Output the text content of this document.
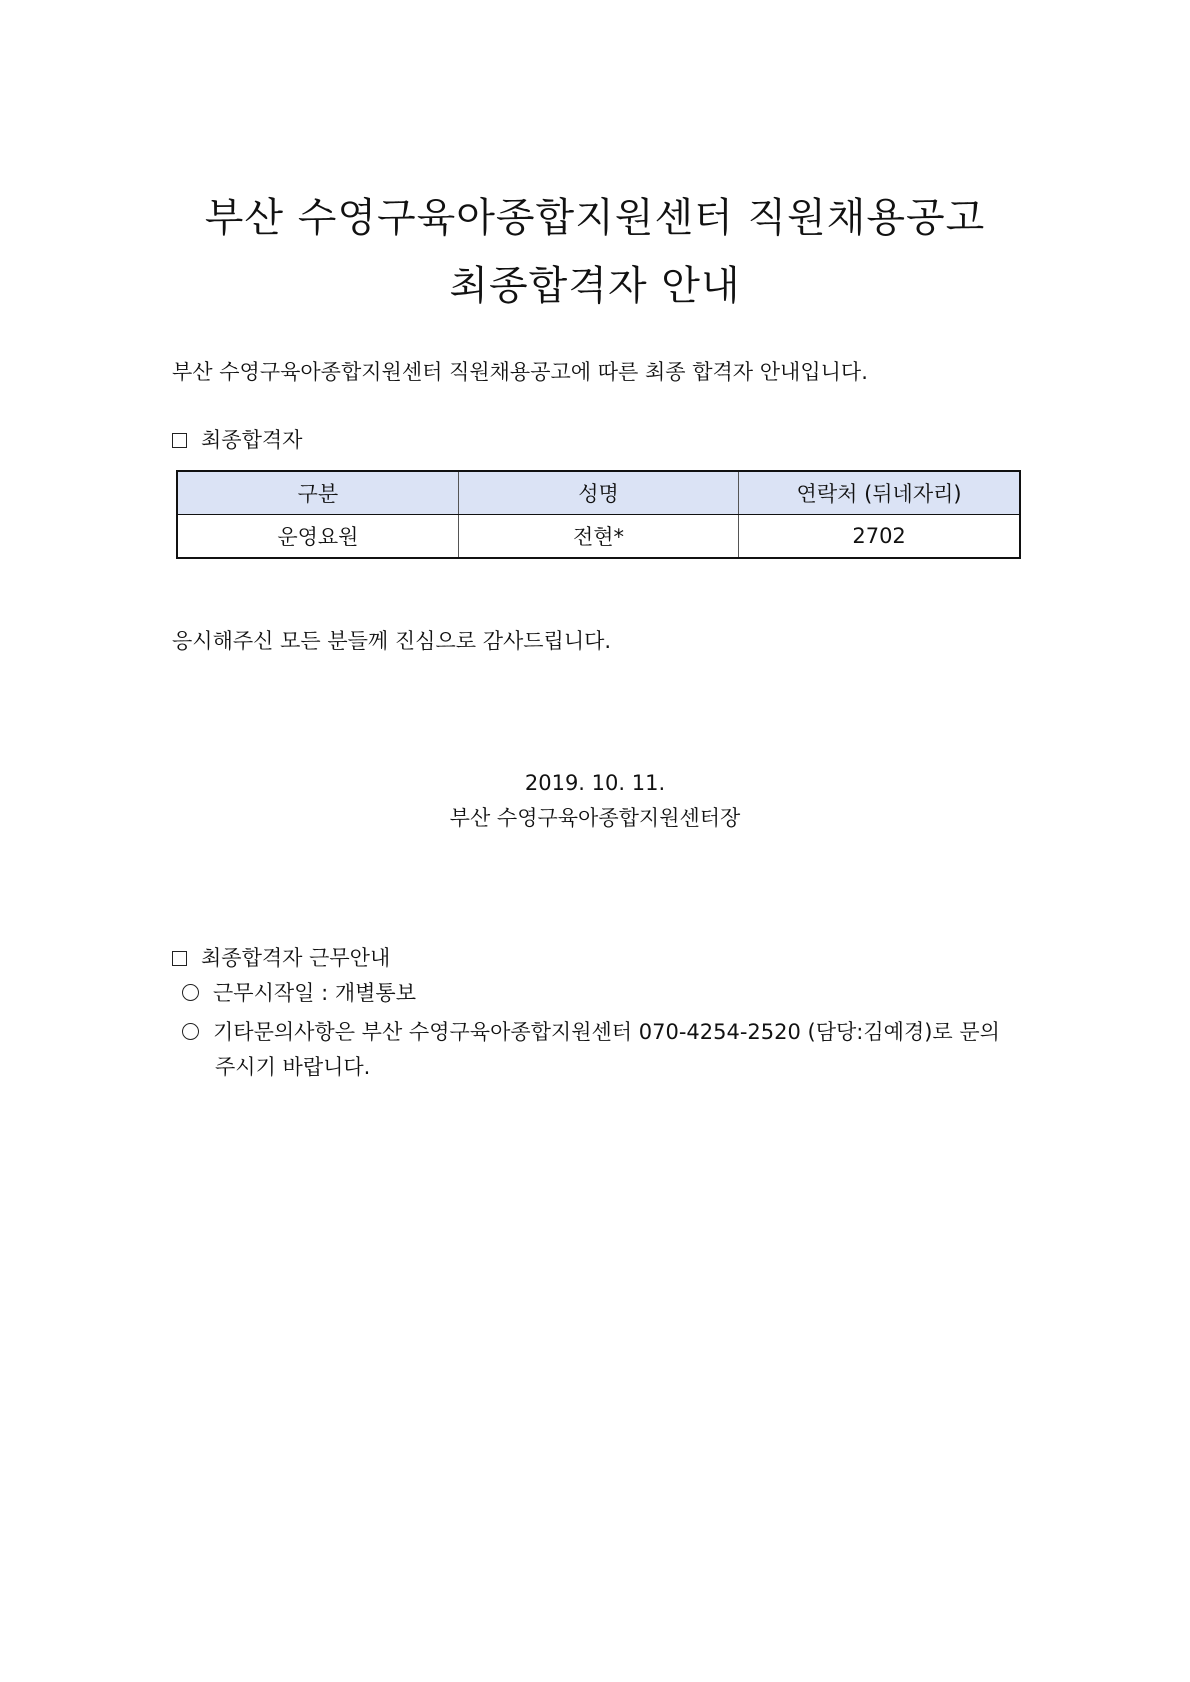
부산 수영구육아종합지원센터 직원채용공고
최종합격자 안내

부산 수영구육아종합지원센터 직원채용공고에 따른 최종 합격자 안내입니다.

최종합격자

구분	성명	연락처 (뒤네자리)
운영요원	전현*	2702

응시해주신 모든 분들께 진심으로 감사드립니다.

2019. 10. 11.

부산 수영구육아종합지원센터장

최종합격자 근무안내

근무시작일 : 개별통보

기타문의사항은 부산 수영구육아종합지원센터 070-4254-2520 (담당:김예경)로 문의

주시기 바랍니다.
